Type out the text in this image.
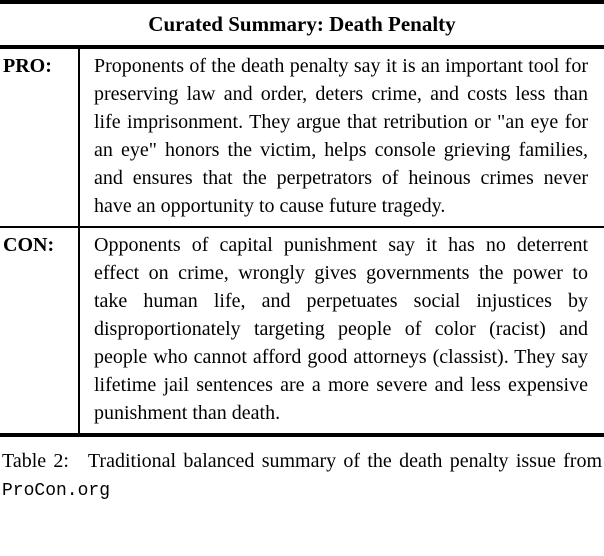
Curated Summary: Death Penalty
PRO:	Proponents of the death penalty say it is an important tool for preserving law and order, deters crime, and costs less than life imprisonment. They argue that retribution or "an eye for an eye" honors the victim, helps console grieving families, and ensures that the perpetrators of heinous crimes never have an opportunity to cause future tragedy.
CON:	Opponents of capital punishment say it has no deterrent effect on crime, wrongly gives governments the power to take human life, and perpetuates social injustices by disproportionately targeting people of color (racist) and people who cannot afford good attorneys (classist). They say lifetime jail sentences are a more severe and less expensive punishment than death.
Table 2: Traditional balanced summary of the death penalty issue from ProCon.org
